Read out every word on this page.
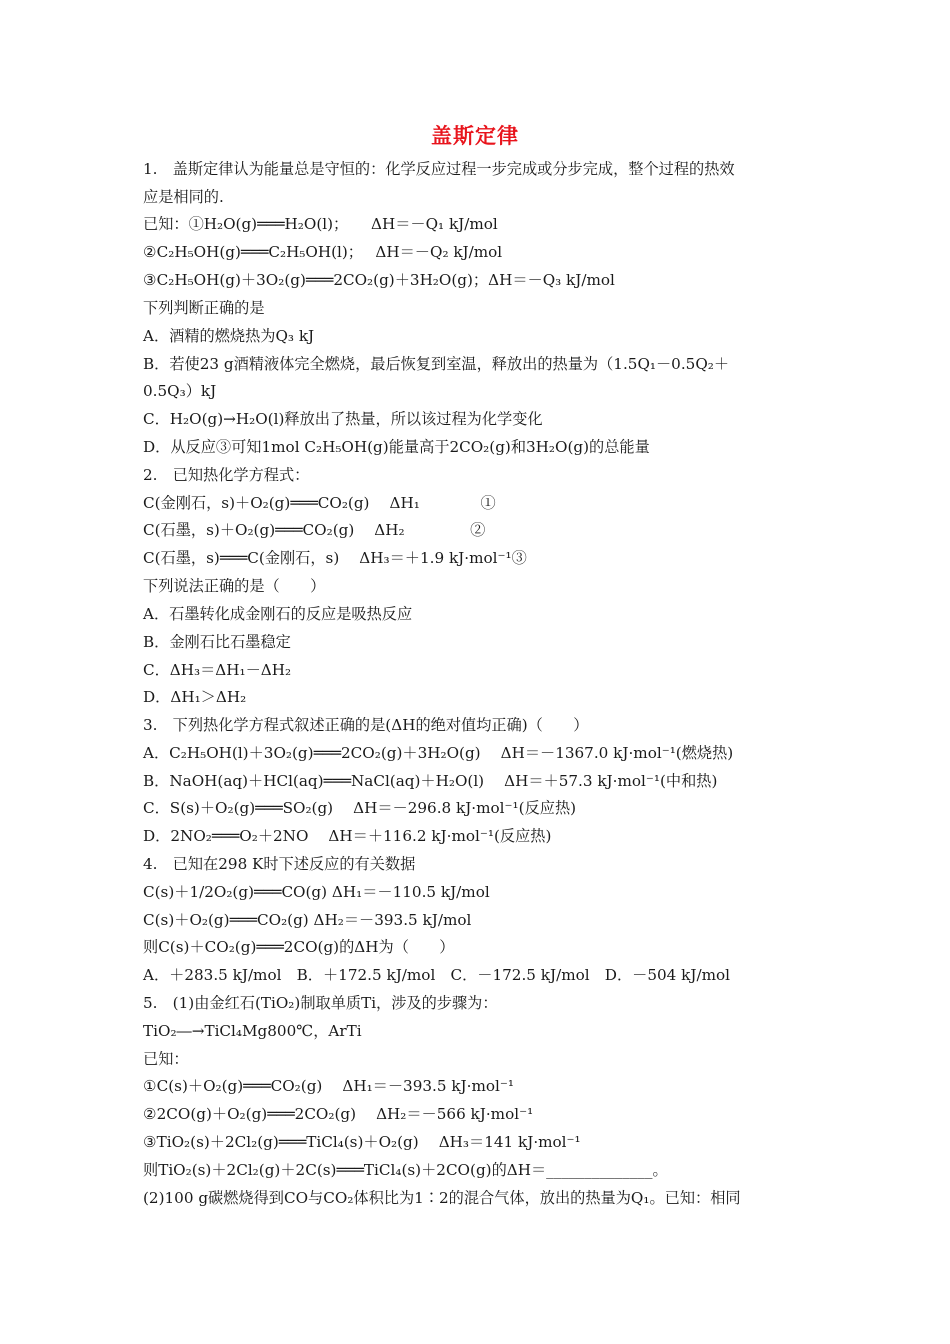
盖斯定律
1.　盖斯定律认为能量总是守恒的：化学反应过程一步完成或分步完成，整个过程的热效
应是相同的.
已知：①H₂O(g)═══H₂O(l)；　　ΔH＝－Q₁ kJ/mol
②C₂H₅OH(g)═══C₂H₅OH(l)；　 ΔH＝－Q₂ kJ/mol
③C₂H₅OH(g)＋3O₂(g)═══2CO₂(g)＋3H₂O(g)；ΔH＝－Q₃ kJ/mol
下列判断正确的是
A．酒精的燃烧热为Q₃ kJ
B．若使23 g酒精液体完全燃烧，最后恢复到室温，释放出的热量为（1.5Q₁－0.5Q₂＋
0.5Q₃）kJ
C．H₂O(g)→H₂O(l)释放出了热量，所以该过程为化学变化
D．从反应③可知1mol C₂H₅OH(g)能量高于2CO₂(g)和3H₂O(g)的总能量
2.　已知热化学方程式：
C(金刚石，s)＋O₂(g)═══CO₂(g)　 ΔH₁　　　　①
C(石墨，s)＋O₂(g)═══CO₂(g)　 ΔH₂　　　　 ②
C(石墨，s)═══C(金刚石，s)　 ΔH₃＝＋1.9 kJ·mol⁻¹③
下列说法正确的是（　　）
A．石墨转化成金刚石的反应是吸热反应
B．金刚石比石墨稳定
C．ΔH₃＝ΔH₁－ΔH₂
D．ΔH₁＞ΔH₂
3.　下列热化学方程式叙述正确的是(ΔH的绝对值均正确)（　　）
A．C₂H₅OH(l)＋3O₂(g)═══2CO₂(g)＋3H₂O(g)　 ΔH＝－1367.0 kJ·mol⁻¹(燃烧热)
B．NaOH(aq)＋HCl(aq)═══NaCl(aq)＋H₂O(l)　 ΔH＝＋57.3 kJ·mol⁻¹(中和热)
C．S(s)＋O₂(g)═══SO₂(g)　 ΔH＝－296.8 kJ·mol⁻¹(反应热)
D．2NO₂═══O₂＋2NO　 ΔH＝＋116.2 kJ·mol⁻¹(反应热)
4.　已知在298 K时下述反应的有关数据
C(s)＋1/2O₂(g)═══CO(g) ΔH₁＝－110.5 kJ/mol
C(s)＋O₂(g)═══CO₂(g) ΔH₂＝－393.5 kJ/mol
则C(s)＋CO₂(g)═══2CO(g)的ΔH为（　　）
A．＋283.5 kJ/mol　B．＋172.5 kJ/mol　C．－172.5 kJ/mol　D．－504 kJ/mol
5.　(1)由金红石(TiO₂)制取单质Ti，涉及的步骤为：
TiO₂―→TiCl₄Mg800℃，ArTi
已知：
①C(s)＋O₂(g)═══CO₂(g)　 ΔH₁＝－393.5 kJ·mol⁻¹
②2CO(g)＋O₂(g)═══2CO₂(g)　 ΔH₂＝－566 kJ·mol⁻¹
③TiO₂(s)＋2Cl₂(g)═══TiCl₄(s)＋O₂(g)　 ΔH₃＝141 kJ·mol⁻¹
则TiO₂(s)＋2Cl₂(g)＋2C(s)═══TiCl₄(s)＋2CO(g)的ΔH＝______________。
(2)100 g碳燃烧得到CO与CO₂体积比为1∶2的混合气体，放出的热量为Q₁。已知：相同
